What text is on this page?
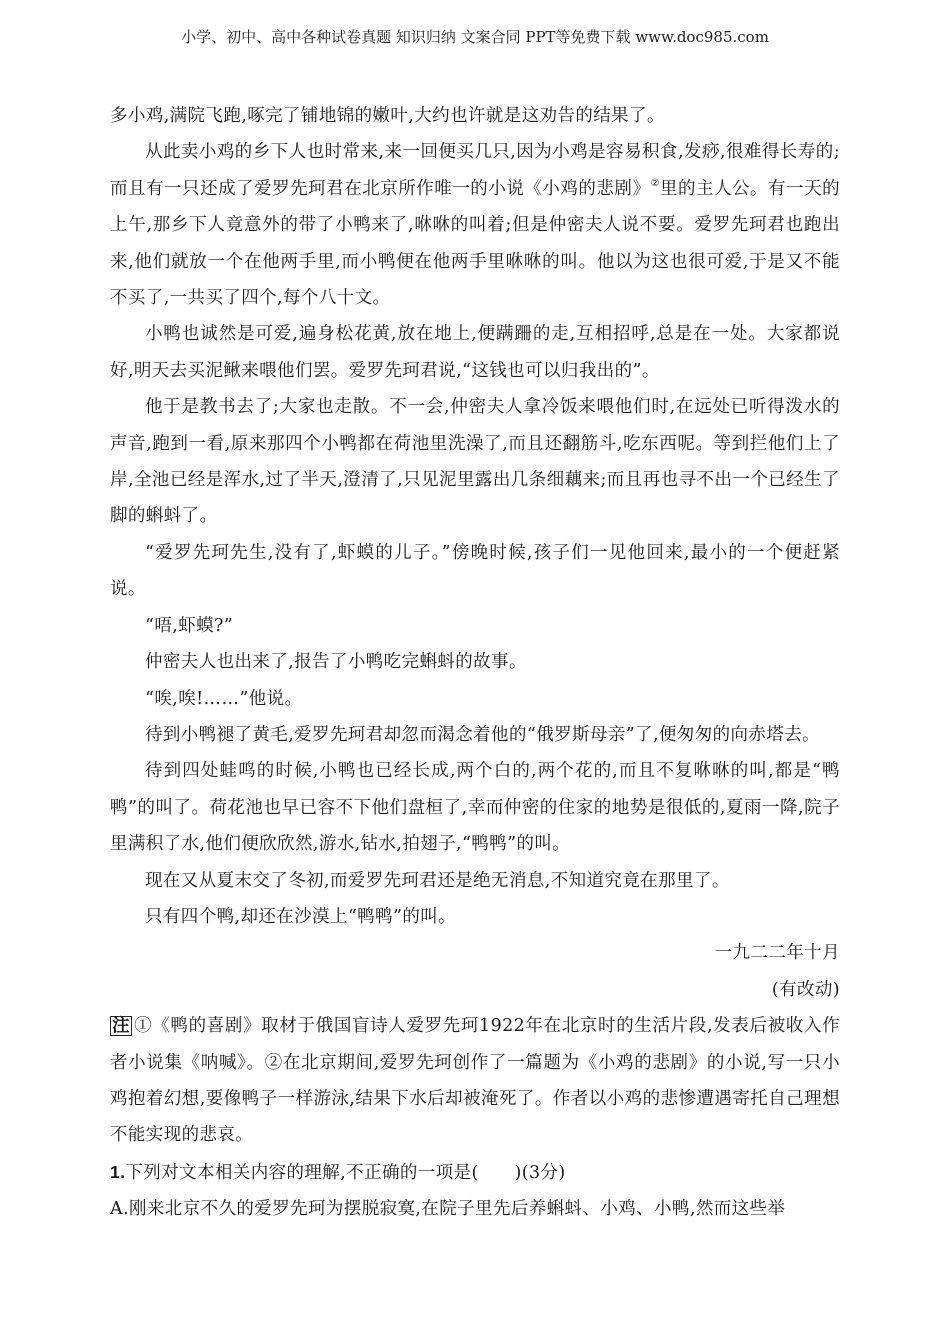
小学、初中、高中各种试卷真题 知识归纳 文案合同 PPT等免费下载 www.doc985.com

多小鸡,满院飞跑,啄完了铺地锦的嫩叶,大约也许就是这劝告的结果了。

从此卖小鸡的乡下人也时常来,来一回便买几只,因为小鸡是容易积食,发痧,很难得长寿的;而且有一只还成了爱罗先珂君在北京所作唯一的小说《小鸡的悲剧》②里的主人公。有一天的上午,那乡下人竟意外的带了小鸭来了,咻咻的叫着;但是仲密夫人说不要。爱罗先珂君也跑出来,他们就放一个在他两手里,而小鸭便在他两手里咻咻的叫。他以为这也很可爱,于是又不能不买了,一共买了四个,每个八十文。

小鸭也诚然是可爱,遍身松花黄,放在地上,便蹒跚的走,互相招呼,总是在一处。大家都说好,明天去买泥鳅来喂他们罢。爱罗先珂君说,“这钱也可以归我出的”。

他于是教书去了;大家也走散。不一会,仲密夫人拿冷饭来喂他们时,在远处已听得泼水的声音,跑到一看,原来那四个小鸭都在荷池里洗澡了,而且还翻筋斗,吃东西呢。等到拦他们上了岸,全池已经是浑水,过了半天,澄清了,只见泥里露出几条细藕来;而且再也寻不出一个已经生了脚的蝌蚪了。

“爱罗先珂先生,没有了,虾蟆的儿子。”傍晚时候,孩子们一见他回来,最小的一个便赶紧说。

“唔,虾蟆?”

仲密夫人也出来了,报告了小鸭吃完蝌蚪的故事。

“唉,唉!……”他说。

待到小鸭褪了黄毛,爱罗先珂君却忽而渴念着他的“俄罗斯母亲”了,便匆匆的向赤塔去。

待到四处蛙鸣的时候,小鸭也已经长成,两个白的,两个花的,而且不复咻咻的叫,都是“鸭鸭”的叫了。荷花池也早已容不下他们盘桓了,幸而仲密的住家的地势是很低的,夏雨一降,院子里满积了水,他们便欣欣然,游水,钻水,拍翅子,“鸭鸭”的叫。

现在又从夏末交了冬初,而爱罗先珂君还是绝无消息,不知道究竟在那里了。

只有四个鸭,却还在沙漠上“鸭鸭”的叫。

一九二二年十月

(有改动)

注 ①《鸭的喜剧》取材于俄国盲诗人爱罗先珂1922年在北京时的生活片段,发表后被收入作者小说集《呐喊》。②在北京期间,爱罗先珂创作了一篇题为《小鸡的悲剧》的小说,写一只小鸡抱着幻想,要像鸭子一样游泳,结果下水后却被淹死了。作者以小鸡的悲惨遭遇寄托自己理想不能实现的悲哀。

1.下列对文本相关内容的理解,不正确的一项是(　　)(3分)

A.刚来北京不久的爱罗先珂为摆脱寂寞,在院子里先后养蝌蚪、小鸡、小鸭,然而这些举
